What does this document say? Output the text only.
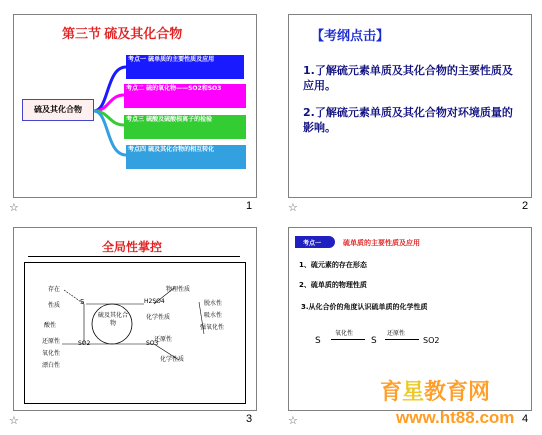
第三节 硫及其化合物
硫及其化合物
考点一 硫单质的主要性质及应用
考点二 硫的氧化物——SO2和SO3
考点三 硫酸及硫酸根离子的检验
考点四 硫及其化合物的相互转化
☆	1
【考纲点击】
1.了解硫元素单质及其化合物的主要性质及应用。
2.了解硫元素单质及其化合物对环境质量的影响。
☆	2
全局性掌控
硫及其化合物
存在
性质
酸性
还原性
氧化性
漂白性
S	H2SO4
SO2	SO3
物理性质
化学性质
脱水性
吸水性
强氧化性
还原性
化学性质
☆	3
考点一	硫单质的主要性质及应用
1、硫元素的存在形态
2、硫单质的物理性质
3.从化合价的角度认识硫单质的化学性质
S
氧化性
S
还原性
SO2
☆	4
育星教育网
www.ht88.com
